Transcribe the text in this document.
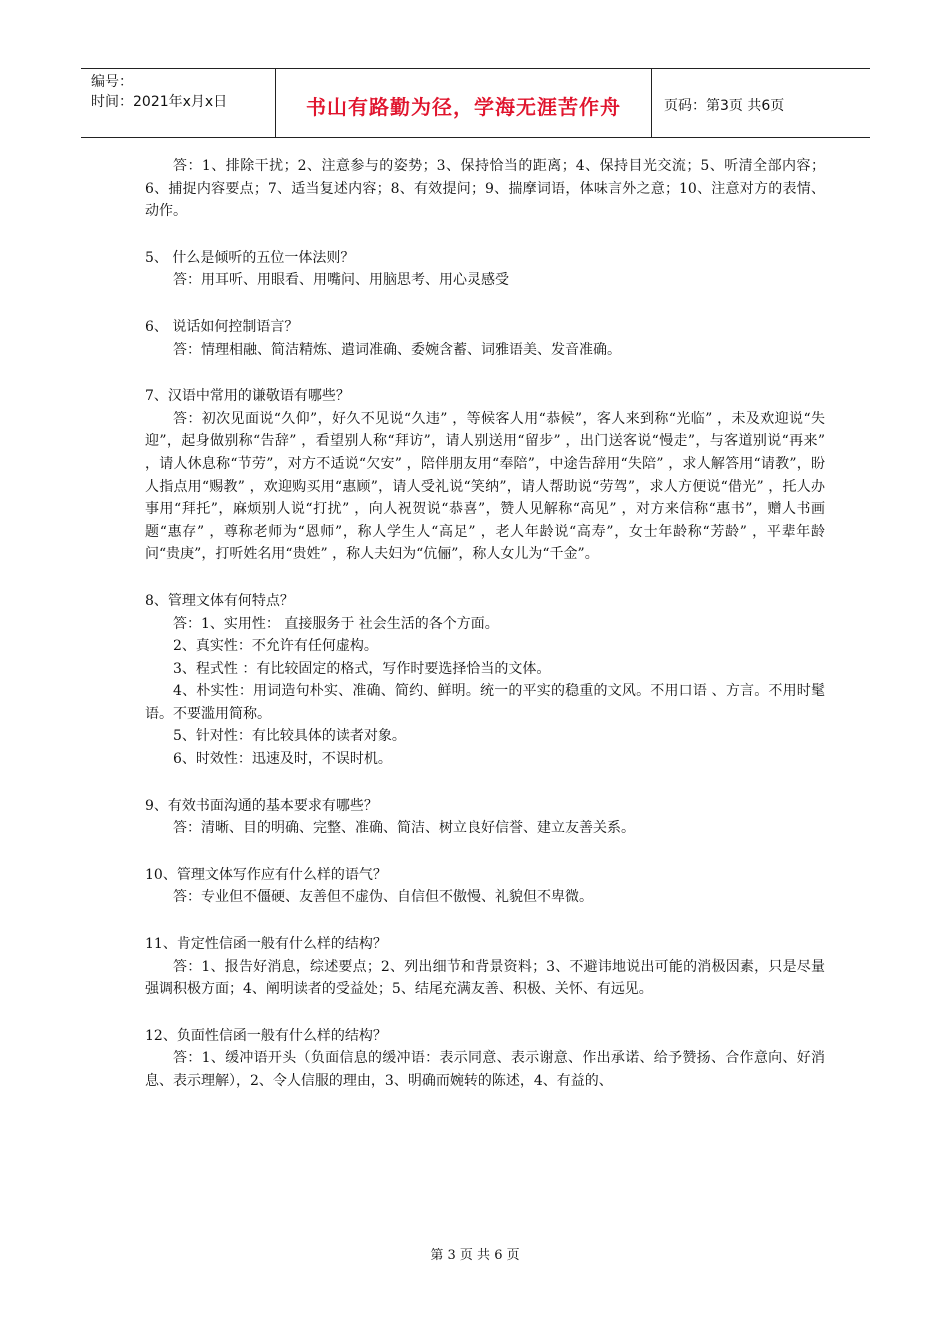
编号：
时间：2021年x月x日	书山有路勤为径，学海无涯苦作舟	页码：第3页 共6页

答：1、排除干扰；2、注意参与的姿势；3、保持恰当的距离；4、保持目光交流；5、听清全部内容；6、捕捉内容要点；7、适当复述内容；8、有效提问；9、揣摩词语，体味言外之意；10、注意对方的表情、动作。

5、 什么是倾听的五位一体法则？

答：用耳听、用眼看、用嘴问、用脑思考、用心灵感受

6、 说话如何控制语言？

答：情理相融、简洁精炼、遣词准确、委婉含蓄、词雅语美、发音准确。

7、汉语中常用的谦敬语有哪些？

答：初次见面说“久仰”，好久不见说“久违” ，等候客人用“恭候”，客人来到称“光临” ，未及欢迎说“失迎”，起身做别称“告辞” ，看望别人称“拜访”，请人别送用“留步” ，出门送客说“慢走”，与客道别说“再来” ，请人休息称“节劳”，对方不适说“欠安” ，陪伴朋友用“奉陪”，中途告辞用“失陪” ，求人解答用“请教”，盼人指点用“赐教” ，欢迎购买用“惠顾”，请人受礼说“笑纳”，请人帮助说“劳驾”，求人方便说“借光” ，托人办事用“拜托”，麻烦别人说“打扰” ，向人祝贺说“恭喜”，赞人见解称“高见” ，对方来信称“惠书”，赠人书画题“惠存” ，尊称老师为“恩师”，称人学生人“高足” ，老人年龄说“高寿”，女士年龄称“芳龄” ，平辈年龄问“贵庚”，打听姓名用“贵姓” ，称人夫妇为“伉俪”，称人女儿为“千金”。

8、管理文体有何特点？

答：1、实用性： 直接服务于 社会生活的各个方面。

2、真实性：不允许有任何虚构。

3、程式性 ：有比较固定的格式，写作时要选择恰当的文体。

4、朴实性：用词造句朴实、准确、简约、鲜明。统一的平实的稳重的文风。不用口语 、方言。不用时髦语。不要滥用简称。

5、针对性：有比较具体的读者对象。

6、时效性：迅速及时，不误时机。

9、有效书面沟通的基本要求有哪些？

答：清晰、目的明确、完整、准确、简洁、树立良好信誉、建立友善关系。

10、管理文体写作应有什么样的语气？

答：专业但不僵硬、友善但不虚伪、自信但不傲慢、礼貌但不卑微。

11、肯定性信函一般有什么样的结构？

答：1、报告好消息，综述要点；2、列出细节和背景资料；3、不避讳地说出可能的消极因素，只是尽量强调积极方面；4、阐明读者的受益处；5、结尾充满友善、积极、关怀、有远见。

12、负面性信函一般有什么样的结构？

答：1、缓冲语开头（负面信息的缓冲语：表示同意、表示谢意、作出承诺、给予赞扬、合作意向、好消息、表示理解），2、令人信服的理由，3、明确而婉转的陈述，4、有益的、

第 3 页 共 6 页
